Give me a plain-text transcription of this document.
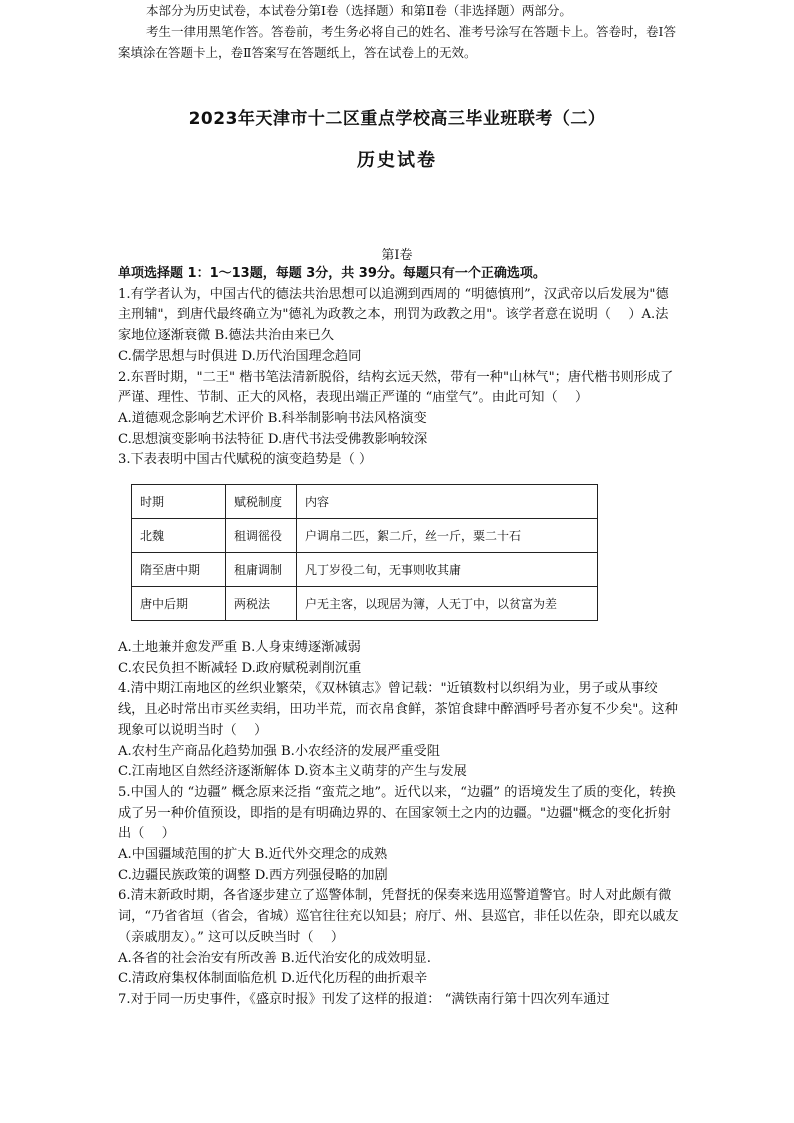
2023年天津市十二区重点学校高三毕业班联考（二）
历史试卷

本部分为历史试卷，本试卷分第Ⅰ卷（选择题）和第Ⅱ卷（非选择题）两部分。

考生一律用黑笔作答。答卷前，考生务必将自己的姓名、准考号涂写在答题卡上。答卷时，卷Ⅰ答案填涂在答题卡上，卷Ⅱ答案写在答题纸上，答在试卷上的无效。

第Ⅰ卷

单项选择题 1：1～13题，每题 3分，共 39分。每题只有一个正确选项。

1.有学者认为，中国古代的德法共治思想可以追溯到西周的 “明德慎刑”，汉武帝以后发展为"德主刑辅"，到唐代最终确立为"德礼为政教之本，刑罚为政教之用"。该学者意在说明（　 ）A.法家地位逐渐衰微 B.德法共治由来已久

C.儒学思想与时俱进 D.历代治国理念趋同

2.东晋时期，"二王" 楷书笔法清新脱俗，结构玄远天然，带有一种"山林气"；唐代楷书则形成了严谨、理性、节制、正大的风格，表现出端正严谨的 “庙堂气”。由此可知（　 ）

A.道德观念影响艺术评价 B.科举制影响书法风格演变

C.思想演变影响书法特征 D.唐代书法受佛教影响较深

3.下表表明中国古代赋税的演变趋势是（ ）

时期	赋税制度	内容
北魏	租调徭役	户调帛二匹，絮二斤，丝一斤，粟二十石
隋至唐中期	租庸调制	凡丁岁役二旬，无事则收其庸
唐中后期	两税法	户无主客，以现居为簿，人无丁中，以贫富为差

A.土地兼并愈发严重 B.人身束缚逐渐减弱

C.农民负担不断减轻 D.政府赋税剥削沉重

4.清中期江南地区的丝织业繁荣，《双林镇志》曾记载："近镇数村以织绢为业，男子或从事绞线，且必时常出市买丝卖绢，田功半荒，而衣帛食鲜，茶馆食肆中醉酒呼号者亦复不少矣"。这种现象可以说明当时（　 ）

A.农村生产商品化趋势加强 B.小农经济的发展严重受阻

C.江南地区自然经济逐渐解体 D.资本主义萌芽的产生与发展

5.中国人的 “边疆” 概念原来泛指 “蛮荒之地”。近代以来，“边疆” 的语境发生了质的变化，转换成了另一种价值预设，即指的是有明确边界的、在国家领土之内的边疆。"边疆"概念的变化折射出（　 ）

A.中国疆域范围的扩大 B.近代外交理念的成熟

C.边疆民族政策的调整 D.西方列强侵略的加剧

6.清末新政时期，各省逐步建立了巡警体制，凭督抚的保奏来选用巡警道警官。时人对此颇有微词，“乃省省垣（省会，省城）巡官往往充以知县；府厅、州、县巡官，非任以佐杂，即充以戚友（亲戚朋友）。” 这可以反映当时（　 ）

A.各省的社会治安有所改善 B.近代治安化的成效明显.

C.清政府集权体制面临危机 D.近代化历程的曲折艰辛

7.对于同一历史事件，《盛京时报》刊发了这样的报道： “满铁南行第十四次列车通过
